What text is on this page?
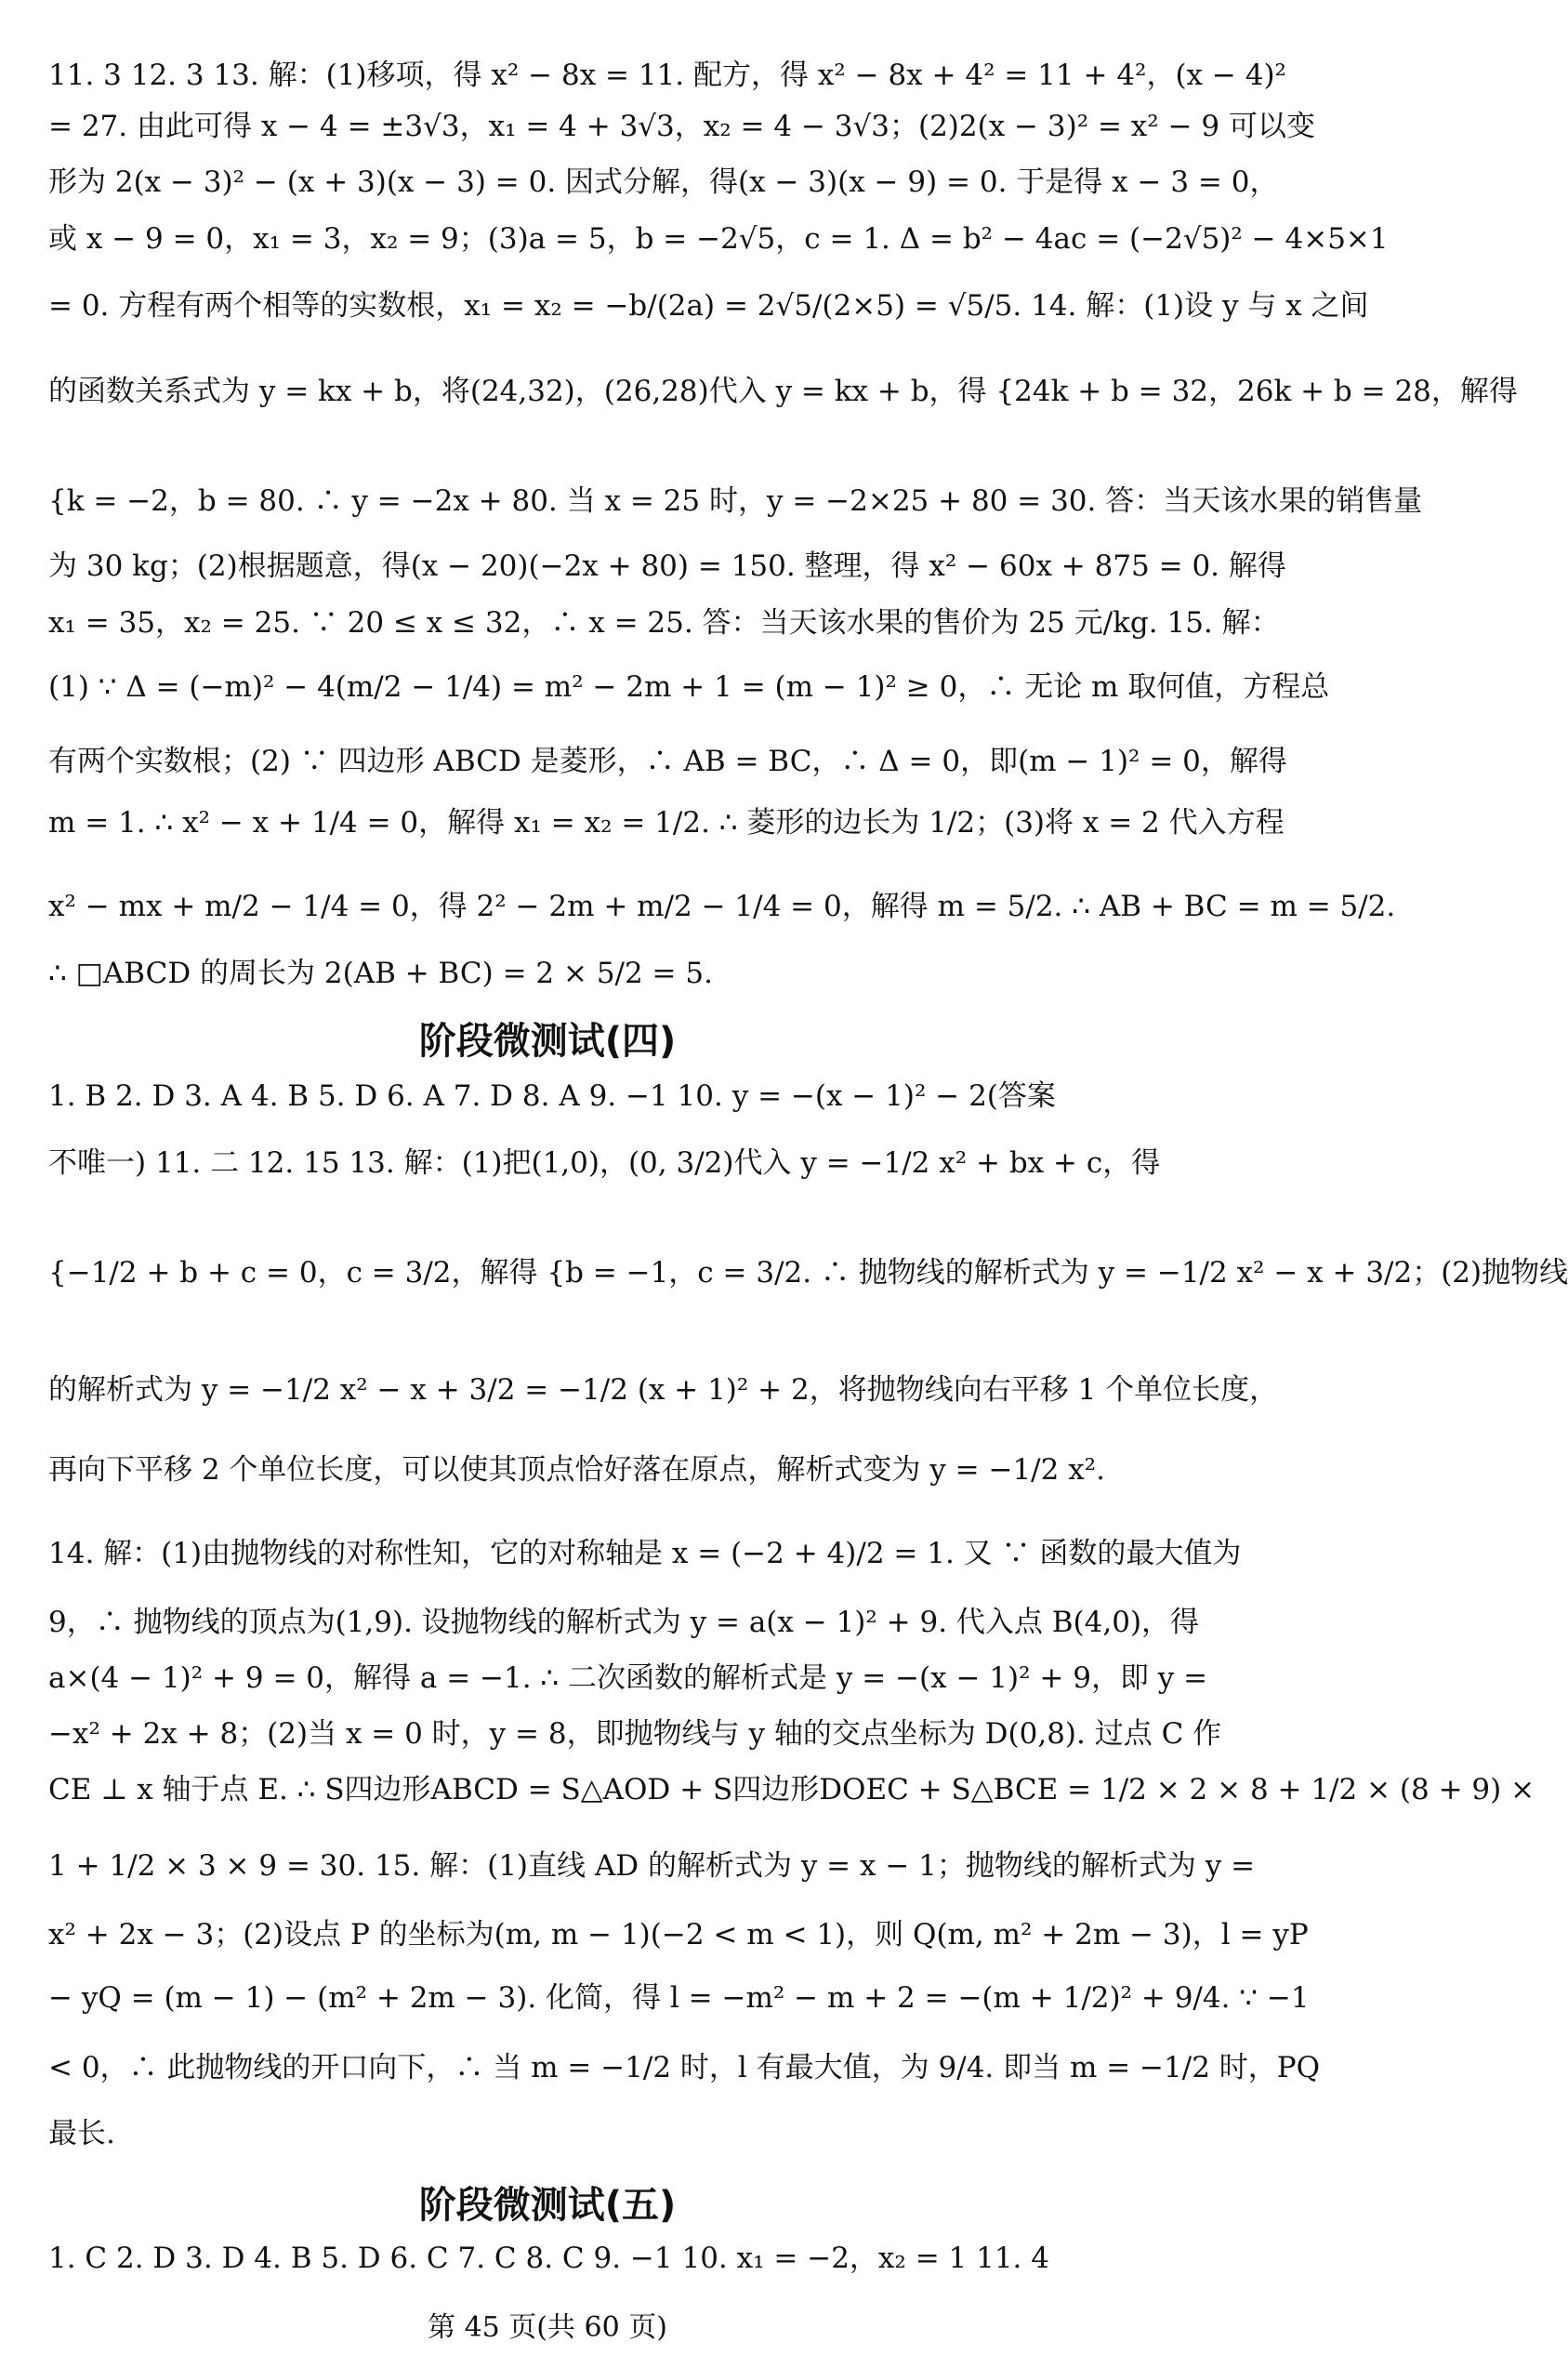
11. 3 12. 3 13. 解：(1)移项，得 x² − 8x = 11. 配方，得 x² − 8x + 4² = 11 + 4²，(x − 4)²
= 27. 由此可得 x − 4 = ±3√3，x₁ = 4 + 3√3，x₂ = 4 − 3√3；(2)2(x − 3)² = x² − 9 可以变
形为 2(x − 3)² − (x + 3)(x − 3) = 0. 因式分解，得(x − 3)(x − 9) = 0. 于是得 x − 3 = 0，
或 x − 9 = 0，x₁ = 3，x₂ = 9；(3)a = 5，b = −2√5，c = 1. Δ = b² − 4ac = (−2√5)² − 4×5×1
= 0. 方程有两个相等的实数根，x₁ = x₂ = −b/(2a) = 2√5/(2×5) = √5/5. 14. 解：(1)设 y 与 x 之间
的函数关系式为 y = kx + b，将(24,32)，(26,28)代入 y = kx + b，得 {24k + b = 32，26k + b = 28，解得
{k = −2，b = 80. ∴ y = −2x + 80. 当 x = 25 时，y = −2×25 + 80 = 30. 答：当天该水果的销售量
为 30 kg；(2)根据题意，得(x − 20)(−2x + 80) = 150. 整理，得 x² − 60x + 875 = 0. 解得
x₁ = 35，x₂ = 25. ∵ 20 ≤ x ≤ 32，∴ x = 25. 答：当天该水果的售价为 25 元/kg. 15. 解：
(1) ∵ Δ = (−m)² − 4(m/2 − 1/4) = m² − 2m + 1 = (m − 1)² ≥ 0，∴ 无论 m 取何值，方程总
有两个实数根；(2) ∵ 四边形 ABCD 是菱形，∴ AB = BC，∴ Δ = 0，即(m − 1)² = 0，解得
m = 1. ∴ x² − x + 1/4 = 0，解得 x₁ = x₂ = 1/2. ∴ 菱形的边长为 1/2；(3)将 x = 2 代入方程
x² − mx + m/2 − 1/4 = 0，得 2² − 2m + m/2 − 1/4 = 0，解得 m = 5/2. ∴ AB + BC = m = 5/2.
∴ □ABCD 的周长为 2(AB + BC) = 2 × 5/2 = 5.
阶段微测试(四)
1. B 2. D 3. A 4. B 5. D 6. A 7. D 8. A 9. −1 10. y = −(x − 1)² − 2(答案
不唯一) 11. 二 12. 15 13. 解：(1)把(1,0)，(0, 3/2)代入 y = −1/2 x² + bx + c，得
{−1/2 + b + c = 0，c = 3/2，解得 {b = −1，c = 3/2. ∴ 抛物线的解析式为 y = −1/2 x² − x + 3/2；(2)抛物线
的解析式为 y = −1/2 x² − x + 3/2 = −1/2 (x + 1)² + 2，将抛物线向右平移 1 个单位长度，
再向下平移 2 个单位长度，可以使其顶点恰好落在原点，解析式变为 y = −1/2 x².
14. 解：(1)由抛物线的对称性知，它的对称轴是 x = (−2 + 4)/2 = 1. 又 ∵ 函数的最大值为
9，∴ 抛物线的顶点为(1,9). 设抛物线的解析式为 y = a(x − 1)² + 9. 代入点 B(4,0)，得
a×(4 − 1)² + 9 = 0，解得 a = −1. ∴ 二次函数的解析式是 y = −(x − 1)² + 9，即 y =
−x² + 2x + 8；(2)当 x = 0 时，y = 8，即抛物线与 y 轴的交点坐标为 D(0,8). 过点 C 作
CE ⊥ x 轴于点 E. ∴ S四边形ABCD = S△AOD + S四边形DOEC + S△BCE = 1/2 × 2 × 8 + 1/2 × (8 + 9) ×
1 + 1/2 × 3 × 9 = 30. 15. 解：(1)直线 AD 的解析式为 y = x − 1；抛物线的解析式为 y =
x² + 2x − 3；(2)设点 P 的坐标为(m, m − 1)(−2 < m < 1)，则 Q(m, m² + 2m − 3)，l = yP
− yQ = (m − 1) − (m² + 2m − 3). 化简，得 l = −m² − m + 2 = −(m + 1/2)² + 9/4. ∵ −1
< 0，∴ 此抛物线的开口向下，∴ 当 m = −1/2 时，l 有最大值，为 9/4. 即当 m = −1/2 时，PQ
最长.
阶段微测试(五)
1. C 2. D 3. D 4. B 5. D 6. C 7. C 8. C 9. −1 10. x₁ = −2，x₂ = 1 11. 4
第 45 页(共 60 页)
